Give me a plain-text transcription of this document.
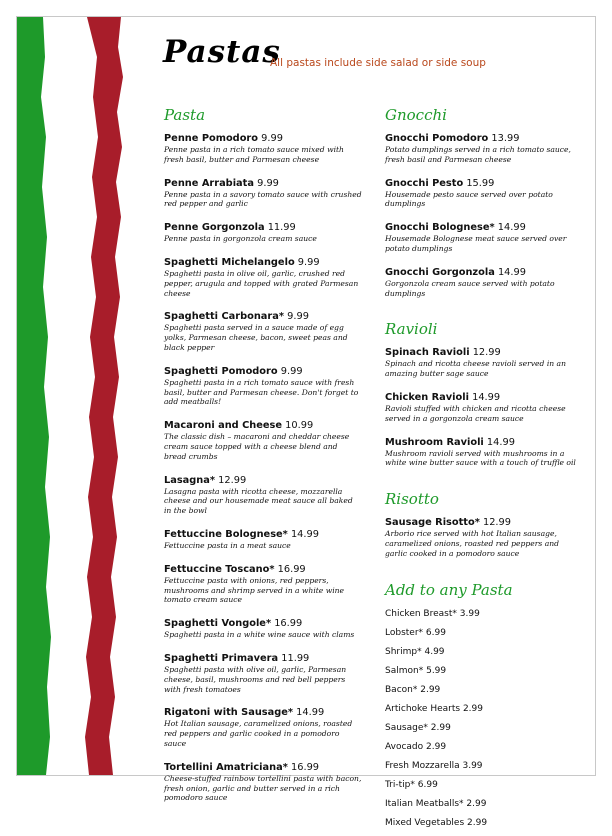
Pastas
All pastas include side salad or side soup
Pasta
Penne Pomodoro 9.99
Penne pasta in a rich tomato sauce mixed with fresh basil, butter and Parmesan cheese
Penne Arrabiata 9.99
Penne pasta in a savory tomato sauce with crushed red pepper and garlic
Penne Gorgonzola 11.99
Penne pasta in gorgonzola cream sauce
Spaghetti Michelangelo 9.99
Spaghetti pasta in olive oil, garlic, crushed red pepper, arugula and topped with grated Parmesan cheese
Spaghetti Carbonara* 9.99
Spaghetti pasta served in a sauce made of egg yolks, Parmesan cheese, bacon, sweet peas and black pepper
Spaghetti Pomodoro 9.99
Spaghetti pasta in a rich tomato sauce with fresh basil, butter and Parmesan cheese. Don't forget to add meatballs!
Macaroni and Cheese 10.99
The classic dish – macaroni and cheddar cheese cream sauce topped with a cheese blend and bread crumbs
Lasagna* 12.99
Lasagna pasta with ricotta cheese, mozzarella cheese and our housemade meat sauce all baked in the bowl
Fettuccine Bolognese* 14.99
Fettuccine pasta in a meat sauce
Fettuccine Toscano* 16.99
Fettuccine pasta with onions, red peppers, mushrooms and shrimp served in a white wine tomato cream sauce
Spaghetti Vongole* 16.99
Spaghetti pasta in a white wine sauce with clams
Spaghetti Primavera 11.99
Spaghetti pasta with olive oil, garlic, Parmesan cheese, basil, mushrooms and red bell peppers with fresh tomatoes
Rigatoni with Sausage* 14.99
Hot Italian sausage, caramelized onions, roasted red peppers and garlic cooked in a pomodoro sauce
Tortellini Amatriciana* 16.99
Cheese-stuffed rainbow tortellini pasta with bacon, fresh onion, garlic and butter served in a rich pomodoro sauce
Gnocchi
Gnocchi Pomodoro 13.99
Potato dumplings served in a rich tomato sauce, fresh basil and Parmesan cheese
Gnocchi Pesto 15.99
Housemade pesto sauce served over potato dumplings
Gnocchi Bolognese* 14.99
Housemade Bolognese meat sauce served over potato dumplings
Gnocchi Gorgonzola 14.99
Gorgonzola cream sauce served with potato dumplings
Ravioli
Spinach Ravioli 12.99
Spinach and ricotta cheese ravioli served in an amazing butter sage sauce
Chicken Ravioli 14.99
Ravioli stuffed with chicken and ricotta cheese served in a gorgonzola cream sauce
Mushroom Ravioli 14.99
Mushroom ravioli served with mushrooms in a white wine butter sauce with a touch of truffle oil
Risotto
Sausage Risotto* 12.99
Arborio rice served with hot Italian sausage, caramelized onions, roasted red peppers and garlic cooked in a pomodoro sauce
Add to any Pasta
Chicken Breast* 3.99
Lobster* 6.99
Shrimp* 4.99
Salmon* 5.99
Bacon* 2.99
Artichoke Hearts 2.99
Sausage* 2.99
Avocado 2.99
Fresh Mozzarella 3.99
Tri-tip* 6.99
Italian Meatballs* 2.99
Mixed Vegetables 2.99
